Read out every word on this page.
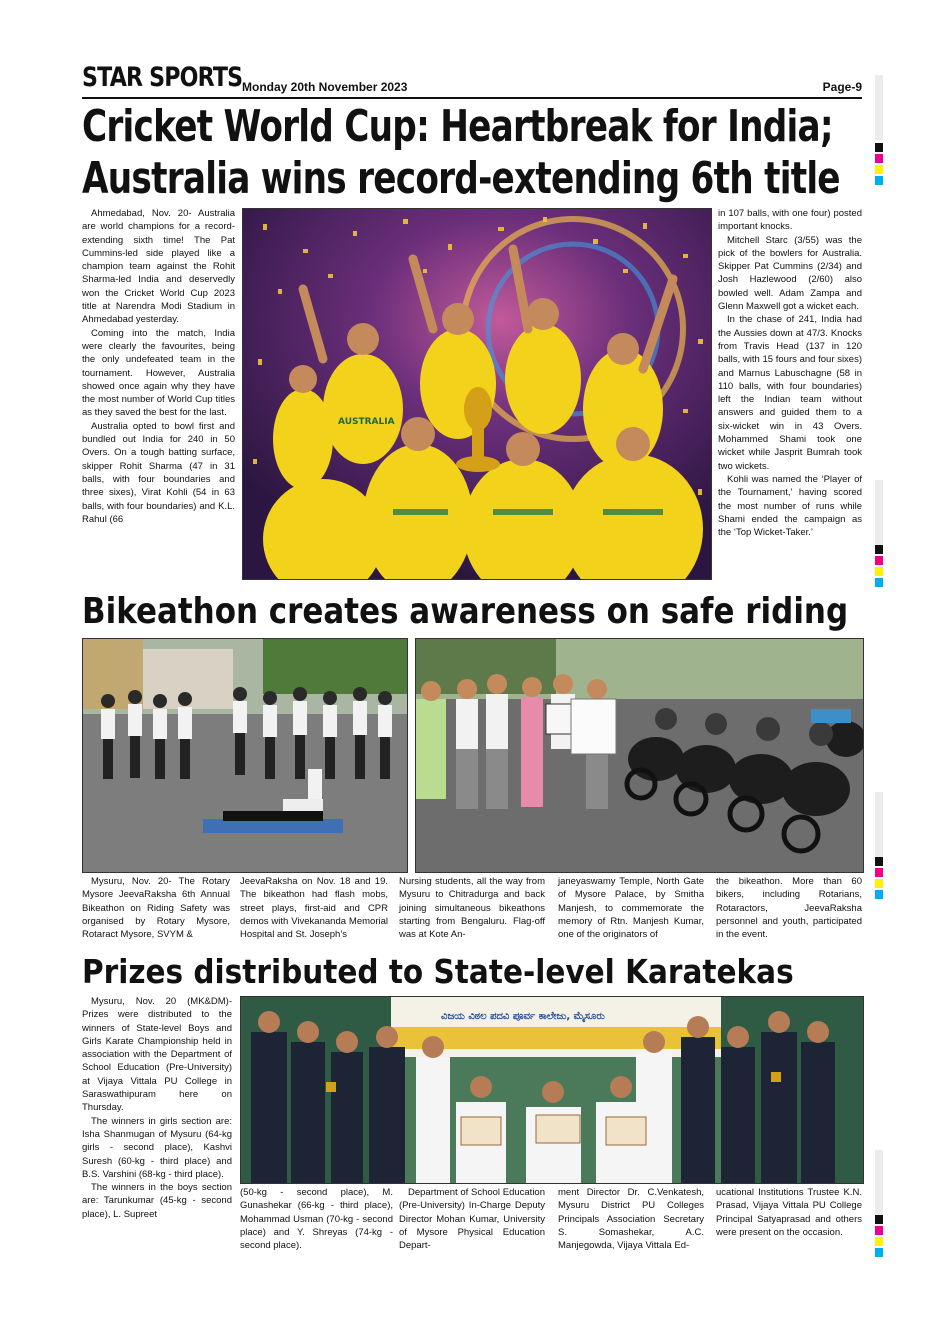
STAR SPORTS Monday 20th November 2023	Page-9
Cricket World Cup: Heartbreak for India;
Australia wins record-extending 6th title

Ahmedabad, Nov. 20- Australia are world champions for a record-extending sixth time! The Pat Cummins-led side played like a champion team against the Rohit Sharma-led India and deservedly won the Cricket World Cup 2023 title at Narendra Modi Stadium in Ahmedabad yesterday.

Coming into the match, India were clearly the favourites, being the only undefeated team in the tournament. However, Australia showed once again why they have the most number of World Cup titles as they saved the best for the last.

Australia opted to bowl first and bundled out India for 240 in 50 Overs. On a tough batting surface, skipper Rohit Sharma (47 in 31 balls, with four boundaries and three sixes), Virat Kohli (54 in 63 balls, with four boundaries) and K.L. Rahul (66

AUSTRALIA

in 107 balls, with one four) posted important knocks.

Mitchell Starc (3/55) was the pick of the bowlers for Australia. Skipper Pat Cummins (2/34) and Josh Hazlewood (2/60) also bowled well. Adam Zampa and Glenn Maxwell got a wicket each.

In the chase of 241, India had the Aussies down at 47/3. Knocks from Travis Head (137 in 120 balls, with 15 fours and four sixes) and Marnus Labuschagne (58 in 110 balls, with four boundaries) left the Indian team without answers and guided them to a six-wicket win in 43 Overs. Mohammed Shami took one wicket while Jasprit Bumrah took two wickets.

Kohli was named the ‘Player of the Tournament,’ having scored the most number of runs while Shami ended the campaign as the ‘Top Wicket-Taker.’

Bikeathon creates awareness on safe riding

Mysuru, Nov. 20- The Rotary Mysore JeevaRaksha 6th Annual Bikeathon on Riding Safety was organised by Rotary Mysore, Rotaract Mysore, SVYM &

JeevaRaksha on Nov. 18 and 19. The bikeathon had flash mobs, street plays, first-aid and CPR demos with Vivekananda Memorial Hospital and St. Joseph’s

Nursing students, all the way from Mysuru to Chitradurga and back joining simultaneous bikeathons starting from Bengaluru. Flag-off was at Kote An-

janeyaswamy Temple, North Gate of Mysore Palace, by Smitha Manjesh, to commemorate the memory of Rtn. Manjesh Kumar, one of the originators of

the bikeathon. More than 60 bikers, including Rotarians, Rotaractors, JeevaRaksha personnel and youth, participated in the event.

Prizes distributed to State-level Karatekas

Mysuru, Nov. 20 (MK&DM)- Prizes were distributed to the winners of State-level Boys and Girls Karate Championship held in association with the Department of School Education (Pre-University) at Vijaya Vittala PU College in Saraswathipuram here on Thursday.

The winners in girls section are: Isha Shanmugan of Mysuru (64-kg girls - second place), Kashvi Suresh (60-kg - third place) and B.S. Varshini (68-kg - third place).

The winners in the boys section are: Tarunkumar (45-kg - second place), L. Supreet

ವಿಜಯ ವಿಠಲ ಪದವಿ ಪೂರ್ವ ಕಾಲೇಜು, ಮೈಸೂರು

(50-kg - second place), M. Gunashekar (66-kg - third place), Mohammad Usman (70-kg - second place) and Y. Shreyas (74-kg - second place).

Department of School Education (Pre-University) In-Charge Deputy Director Mohan Kumar, University of Mysore Physical Education Depart-

ment Director Dr. C.Venkatesh, Mysuru District PU Colleges Principals Association Secretary S. Somashekar, A.C. Manjegowda, Vijaya Vittala Ed-

ucational Institutions Trustee K.N. Prasad, Vijaya Vittala PU College Principal Satyaprasad and others were present on the occasion.
